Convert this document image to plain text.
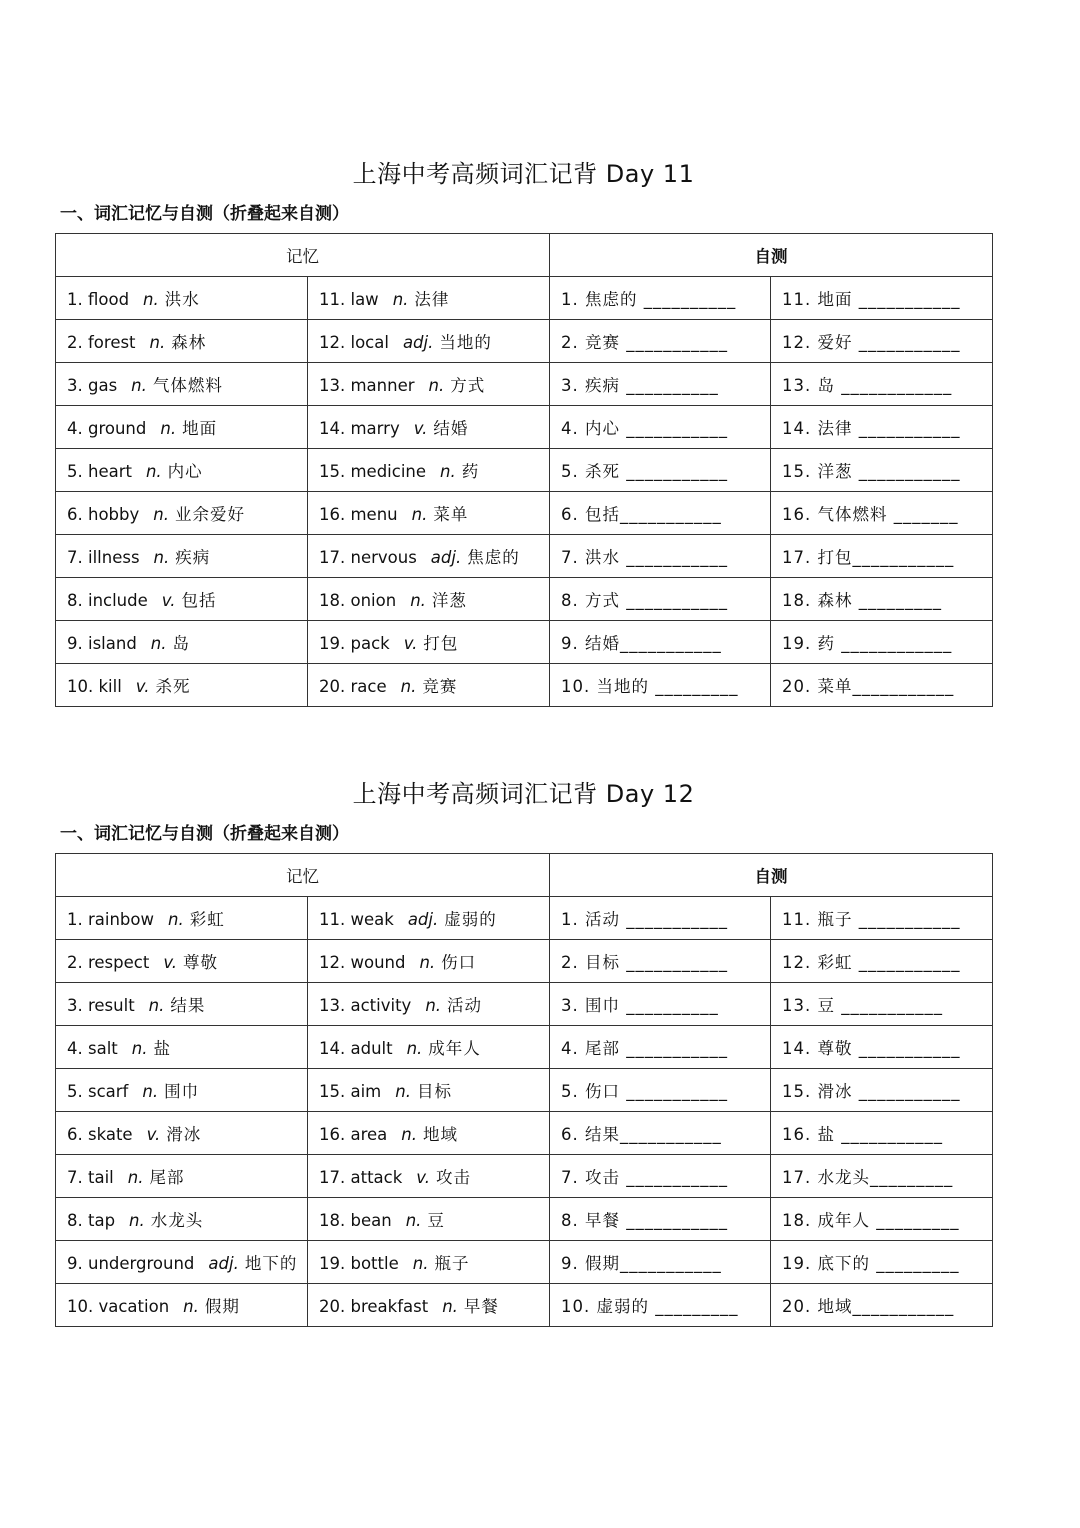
上海中考高频词汇记背 Day 11
一、词汇记忆与自测（折叠起来自测）
记忆		自测	
1. flood n. 洪水	11. law n. 法律	1. 焦虑的 __________	11. 地面 ___________
2. forest n. 森林	12. local adj. 当地的	2. 竞赛 ___________	12. 爱好 ___________
3. gas n. 气体燃料	13. manner n. 方式	3. 疾病 __________	13. 岛 ____________
4. ground n. 地面	14. marry v. 结婚	4. 内心 ___________	14. 法律 ___________
5. heart n. 内心	15. medicine n. 药	5. 杀死 ___________	15. 洋葱 ___________
6. hobby n. 业余爱好	16. menu n. 菜单	6. 包括___________	16. 气体燃料 _______
7. illness n. 疾病	17. nervous adj. 焦虑的	7. 洪水 ___________	17. 打包___________
8. include v. 包括	18. onion n. 洋葱	8. 方式 ___________	18. 森林 _________
9. island n. 岛	19. pack v. 打包	9. 结婚___________	19. 药 ____________
10. kill v. 杀死	20. race n. 竞赛	10. 当地的 _________	20. 菜单___________
上海中考高频词汇记背 Day 12
一、词汇记忆与自测（折叠起来自测）
记忆		自测	
1. rainbow n. 彩虹	11. weak adj. 虚弱的	1. 活动 ___________	11. 瓶子 ___________
2. respect v. 尊敬	12. wound n. 伤口	2. 目标 ___________	12. 彩虹 ___________
3. result n. 结果	13. activity n. 活动	3. 围巾 __________	13. 豆 ___________
4. salt n. 盐	14. adult n. 成年人	4. 尾部 ___________	14. 尊敬 ___________
5. scarf n. 围巾	15. aim n. 目标	5. 伤口 ___________	15. 滑冰 ___________
6. skate v. 滑冰	16. area n. 地域	6. 结果___________	16. 盐 ___________
7. tail n. 尾部	17. attack v. 攻击	7. 攻击 ___________	17. 水龙头_________
8. tap n. 水龙头	18. bean n. 豆	8. 早餐 ___________	18. 成年人 _________
9. underground adj. 地下的	19. bottle n. 瓶子	9. 假期___________	19. 底下的 _________
10. vacation n. 假期	20. breakfast n. 早餐	10. 虚弱的 _________	20. 地域___________
